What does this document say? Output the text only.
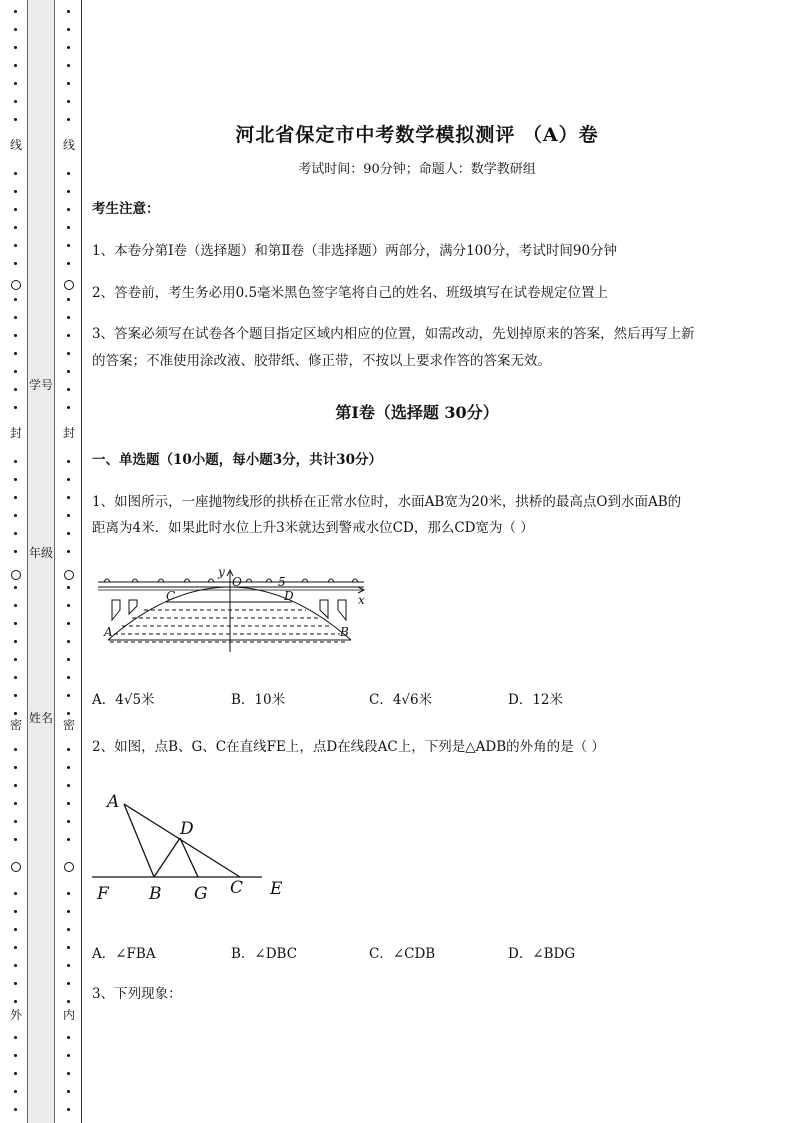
线
封
密
外
学号
年级
姓名
线
封
密
内
河北省保定市中考数学模拟测评 （A）卷
考试时间：90分钟；命题人：数学教研组
考生注意：
1、本卷分第I卷（选择题）和第Ⅱ卷（非选择题）两部分，满分100分，考试时间90分钟
2、答卷前，考生务必用0.5毫米黑色签字笔将自己的姓名、班级填写在试卷规定位置上
3、答案必须写在试卷各个题目指定区域内相应的位置，如需改动，先划掉原来的答案，然后再写上新
的答案；不准使用涂改液、胶带纸、修正带，不按以上要求作答的答案无效。
第I卷（选择题 30分）
一、单选题（10小题，每小题3分，共计30分）
1、如图所示，一座抛物线形的拱桥在正常水位时，水面AB宽为20米，拱桥的最高点O到水面AB的
距离为4米．如果此时水位上升3米就达到警戒水位CD，那么CD宽为（ ）
y
O	5
x
C	D
A	B
A．4√5米	B．10米	C．4√6米	D．12米
2、如图，点B、G、C在直线FE上，点D在线段AC上，下列是△ADB的外角的是（ ）
A
D
F B G C E
A．∠FBA	B．∠DBC	C．∠CDB	D．∠BDG
3、下列现象：
